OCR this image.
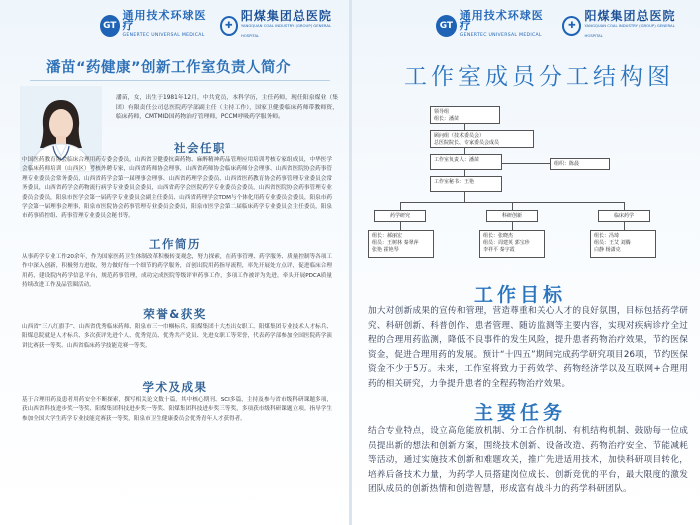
GT
通用技术环球医疗
GENERTEC UNIVERSAL MEDICAL
✚
阳煤集团总医院
YANGQUAN COAL INDUSTRY (GROUP) GENERAL HOSPITAL
潘苗“药健康”创新工作室负责人简介
潘苗，女，出生于1981年12月，中共党员，本科学历，主任药师，现任阳泉煤业（集团）有限责任公司总医院药学部副主任（主持工作），国家卫健委临床药师带教师资，临床药师，CMTMID国药物治疗管理师，PCCM呼吸药学服务师。
社会任职
中国医药教育协会临床合理用药专委会委员，山西省卫健委抗菌药物、麻醉精神药品管理应用培训考核专家组成员，中华医学会临床药师培训（山西区）考核外聘专家，山西省药师协会理事，山西省药师协会临床药师分会理事、山西省医院协会药事管理专业委员会常务委员，山西省药学会第一届理事会理事、山西省药理学会委员、山西省医药教育协会药事管理专业委员会常务委员，山西省药学会药物流行病学专业委员会委员，山西省药学会医院药学专业委员会委员，山西省医院协会药事管理专业委员会委员，阳泉市医学会第一届药学专业委员会副主任委员、山西省药理学会TDM与个体化用药专业委员会委员，阳泉市药学会第一届理事会理事，阳泉市医院协会药事管理专业委员会委员，阳泉市医学会第二届临床药学专业委员会主任委员，阳泉市药事质控组、药事管理专业委员会秘书等。
工作简历
从事药学专业工作20余年，作为国家医药卫生体制改革积极转变观念，努力探索，在药事管理、药学服务、质量控制等各项工作中深入创新，积极努力进取，努力做好每一个细节的药学服务，首创出院用药指导流程，率先开展处方点评，促进临床合理用药，建设院内药学信息平台，规范药事管理，成功完成医院等级评审药事工作，多项工作被评为先进。牵头开展PDCA质量持续改进工作及品管圈活动。
荣誉&获奖
山西省“三八红旗手”、山西省优秀临床药师、阳泉市三一巾帼标兵、阳煤集团十大杰出女职工、阳煤集团专业技术人才标兵、阳煤总院就是人才标兵、多次获评先进个人、优秀党员、优秀共产党员、先进女职工等荣誉，代表药学部参加全国医院药学演讲比赛获一等奖、山西省临床药学技能竞赛一等奖。
学术及成果
基于合理用药及患者用药安全不断探索，撰写相关论文数十篇，其中核心期刊、SCI多篇，主持及参与省市级科研课题多项，获山西省科技进步奖一等奖、阳煤集团科技进步奖一等奖、阳煤集团科技进步奖三等奖，多项获市级科研课题立项。指导学生参加全国大学生药学专业技能竞赛获一等奖，阳泉市卫生健康委员会优秀青年人才获得者。
GT
通用技术环球医疗
GENERTEC UNIVERSAL MEDICAL
✚
阳煤集团总医院
YANGQUAN COAL INDUSTRY (GROUP) GENERAL HOSPITAL
工作室成员分工结构图
领导组
组长：潘苗
顾问组（技术委员会）
总医院院长、专家委员会成员
工作室负责人：潘苗
组织：陈晨
工作室秘书：王艳
药学研究	科研创新	临床药学
组长：郝丽宏
组员：王树林 秦翠萍
张艳 霍艳琴
组长：张晓杰
组员：周建英 郭宝珍
李祥平 秦宇霞
组长：冯琦
组员：王艾 刘腾
白静 杨潇克
工作目标
加大对创新成果的宣传和管理，营造尊重和关心人才的良好氛围，目标包括药学研究、科研创新、科普创作、患者管理、随访监测等主要内容，实现对疾病诊疗全过程的合理用药监测，降低不良事件的发生风险，提升患者药物治疗效果，节约医保资金，促进合理用药的发展。预计“十四五”期间完成药学研究项目26项，节约医保资金不少于5万。未来，工作室将致力于药效学、药物经济学以及互联网+合理用药的相关研究，力争提升患者的全程药物治疗效果。
主要任务
结合专业特点，设立高危能放机制、分工合作机制、有机结构机制、鼓励每一位成员提出新的想法和创新方案，围绕技术创新、设备改造、药物治疗安全、节能减耗等活动，通过实施技术创新和难题攻关，推广先进适用技术，加快科研项目转化，培养后备技术力量，为药学人员搭建岗位成长、创新竞优的平台，最大限度的激发团队成员的创新热情和创造智慧，形成富有战斗力的药学科研团队。
